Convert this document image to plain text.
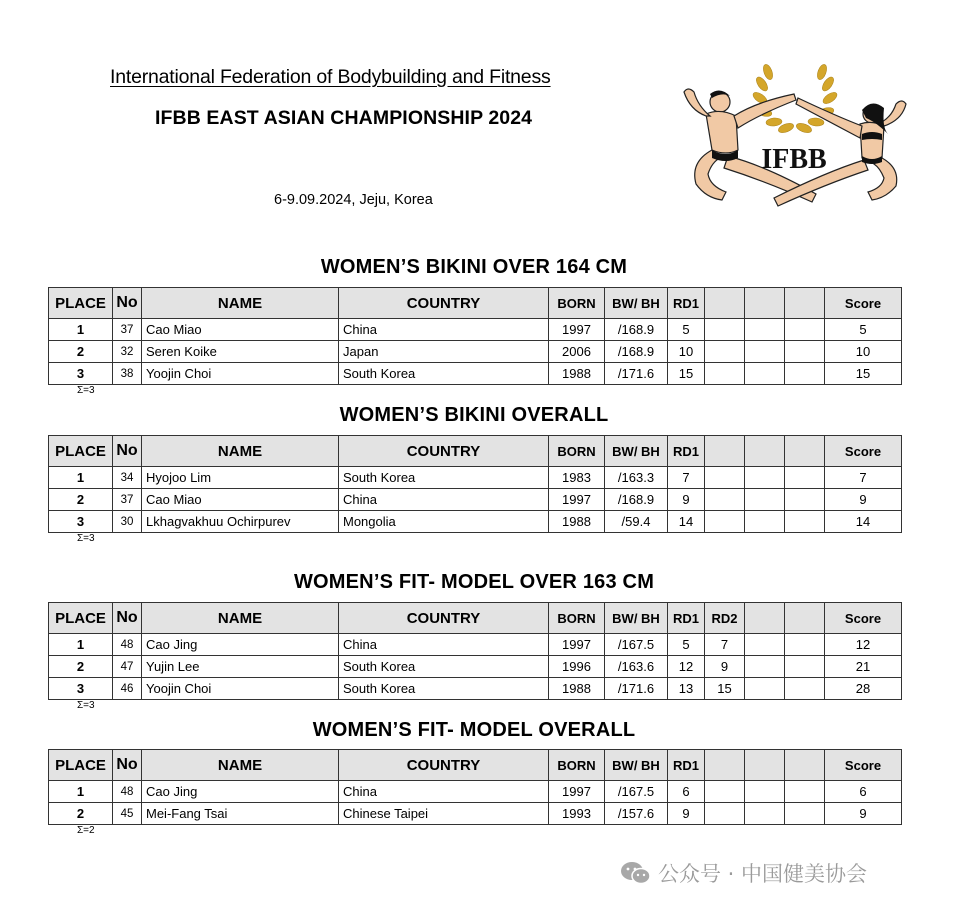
International Federation of Bodybuilding and Fitness
IFBB EAST ASIAN CHAMPIONSHIP 2024
6-9.09.2024, Jeju, Korea
IFBB
WOMEN’S BIKINI OVER 164 CM
PLACE	No	NAME	COUNTRY	BORN	BW/ BH	RD1				Score
1	37	Cao Miao	China	1997	/168.9	5				5
2	32	Seren Koike	Japan	2006	/168.9	10				10
3	38	Yoojin Choi	South Korea	1988	/171.6	15				15
Σ=3
WOMEN’S BIKINI OVERALL
PLACE	No	NAME	COUNTRY	BORN	BW/ BH	RD1				Score
1	34	Hyojoo Lim	South Korea	1983	/163.3	7				7
2	37	Cao Miao	China	1997	/168.9	9				9
3	30	Lkhagvakhuu Ochirpurev	Mongolia	1988	/59.4	14				14
Σ=3
WOMEN’S FIT- MODEL OVER 163 CM
PLACE	No	NAME	COUNTRY	BORN	BW/ BH	RD1	RD2			Score
1	48	Cao Jing	China	1997	/167.5	5	7			12
2	47	Yujin Lee	South Korea	1996	/163.6	12	9			21
3	46	Yoojin Choi	South Korea	1988	/171.6	13	15			28
Σ=3
WOMEN’S FIT- MODEL OVERALL
PLACE	No	NAME	COUNTRY	BORN	BW/ BH	RD1				Score
1	48	Cao Jing	China	1997	/167.5	6				6
2	45	Mei-Fang Tsai	Chinese Taipei	1993	/157.6	9				9
Σ=2
公众号 · 中国健美协会
